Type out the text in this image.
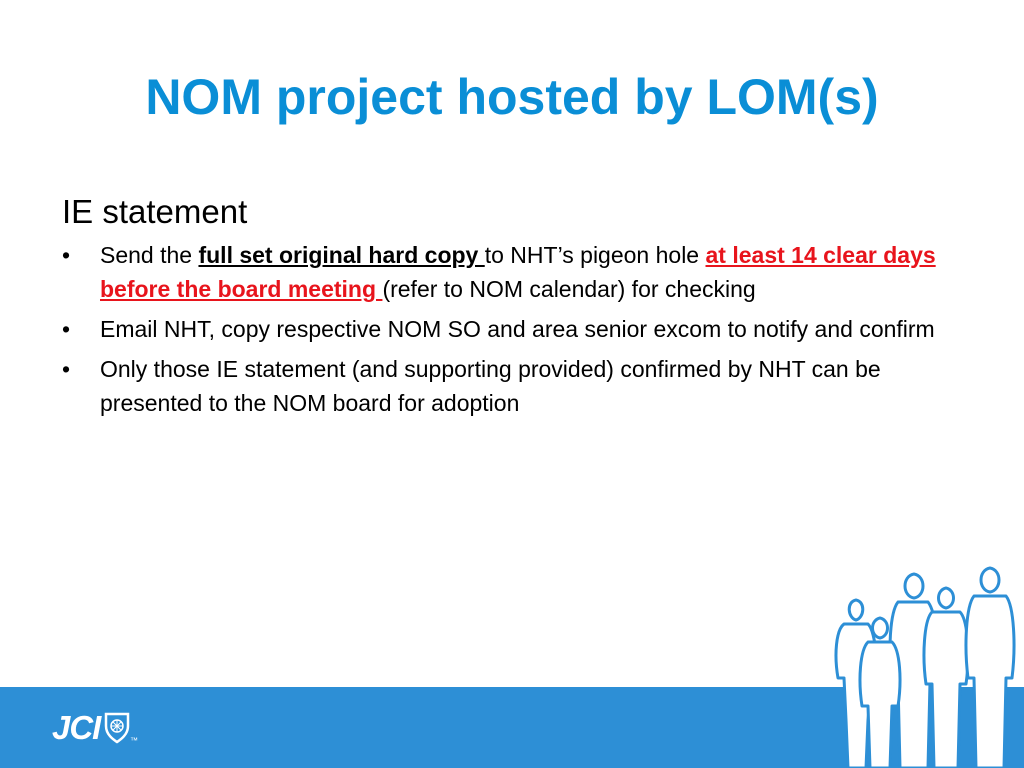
NOM project hosted by LOM(s)
IE statement
• Send the full set original hard copy to NHT’s pigeon hole at least 14 clear days before the board meeting (refer to NOM calendar) for checking
• Email NHT, copy respective NOM SO and area senior excom to notify and confirm
• Only those IE statement (and supporting provided) confirmed by NHT can be presented to the NOM board for adoption
JCI	™
